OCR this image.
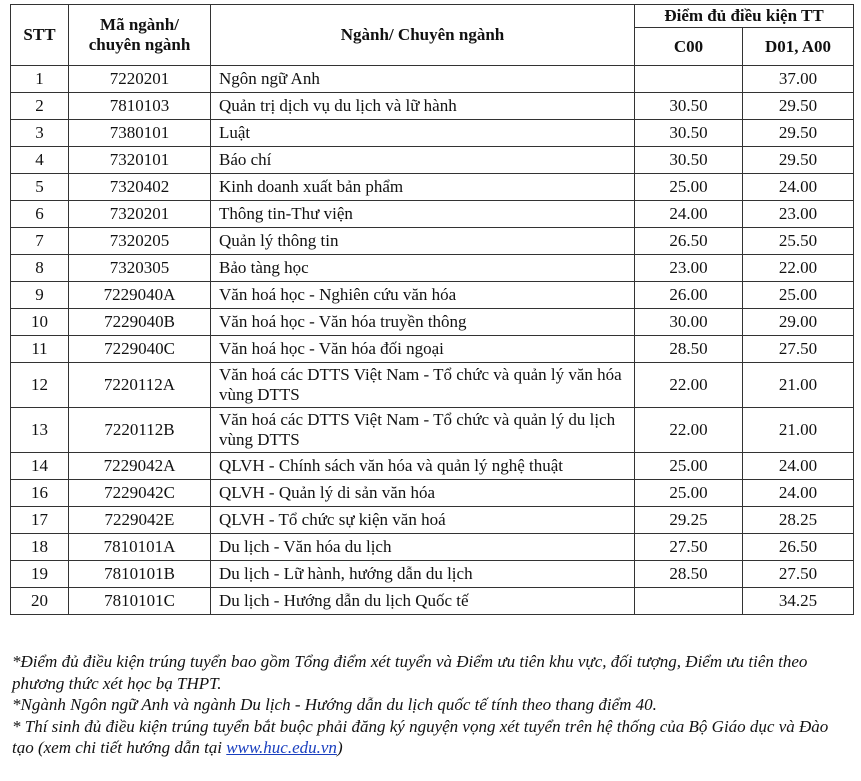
STT	Mã ngành/
chuyên ngành	Ngành/ Chuyên ngành	Điểm đủ điều kiện TT	
			C00	D01, A00
1	7220201	Ngôn ngữ Anh		37.00
2	7810103	Quản trị dịch vụ du lịch và lữ hành	30.50	29.50
3	7380101	Luật	30.50	29.50
4	7320101	Báo chí	30.50	29.50
5	7320402	Kinh doanh xuất bản phẩm	25.00	24.00
6	7320201	Thông tin-Thư viện	24.00	23.00
7	7320205	Quản lý thông tin	26.50	25.50
8	7320305	Bảo tàng học	23.00	22.00
9	7229040A	Văn hoá học - Nghiên cứu văn hóa	26.00	25.00
10	7229040B	Văn hoá học - Văn hóa truyền thông	30.00	29.00
11	7229040C	Văn hoá học - Văn hóa đối ngoại	28.50	27.50
12	7220112A	Văn hoá các DTTS Việt Nam - Tổ chức và quản lý văn hóa vùng DTTS	22.00	21.00
13	7220112B	Văn hoá các DTTS Việt Nam - Tổ chức và quản lý du lịch vùng DTTS	22.00	21.00
14	7229042A	QLVH - Chính sách văn hóa và quản lý nghệ thuật	25.00	24.00
16	7229042C	QLVH - Quản lý di sản văn hóa	25.00	24.00
17	7229042E	QLVH - Tổ chức sự kiện văn hoá	29.25	28.25
18	7810101A	Du lịch - Văn hóa du lịch	27.50	26.50
19	7810101B	Du lịch - Lữ hành, hướng dẫn du lịch	28.50	27.50
20	7810101C	Du lịch - Hướng dẫn du lịch Quốc tế		34.25

*Điểm đủ điều kiện trúng tuyển bao gồm Tổng điểm xét tuyển và Điểm ưu tiên khu vực, đối tượng, Điểm ưu tiên theo phương thức xét học bạ THPT.

*Ngành Ngôn ngữ Anh và ngành Du lịch - Hướng dẫn du lịch quốc tế tính theo thang điểm 40.

* Thí sinh đủ điều kiện trúng tuyển bắt buộc phải đăng ký nguyện vọng xét tuyển trên hệ thống của Bộ Giáo dục và Đào tạo (xem chi tiết hướng dẫn tại www.huc.edu.vn)
